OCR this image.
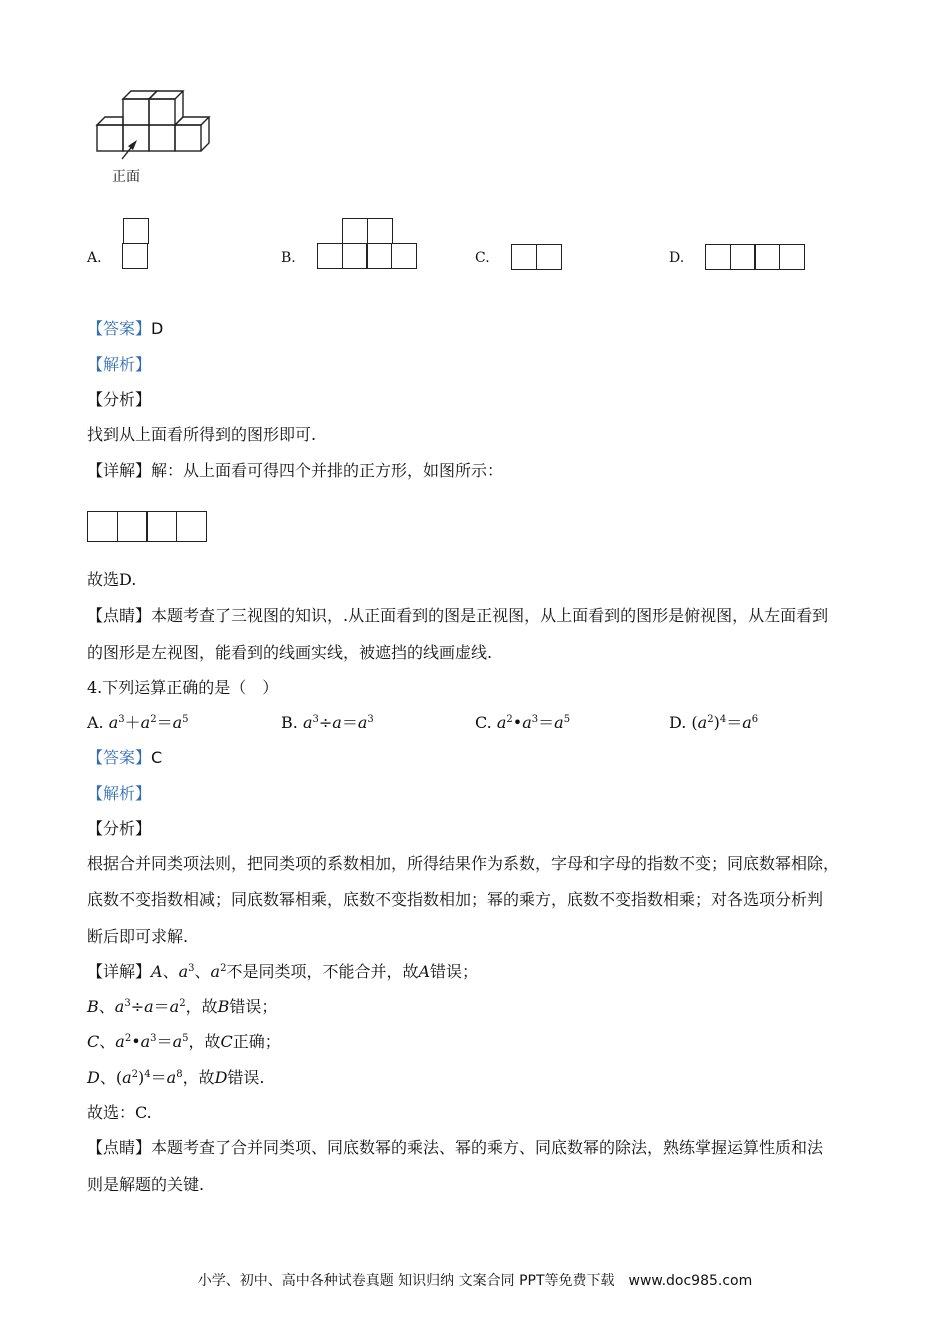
正面
A.	B.	C.	D.
【答案】D
【解析】
【分析】
找到从上面看所得到的图形即可.
【详解】解：从上面看可得四个并排的正方形，如图所示：
故选D.
【点睛】本题考查了三视图的知识，.从正面看到的图是正视图，从上面看到的图形是俯视图，从左面看到
的图形是左视图，能看到的线画实线，被遮挡的线画虚线.
4.下列运算正确的是（　）
A. $a^3+a^2=a^5$	B. $a^3\div a=a^3$	C. $a^2•a^3=a^5$	D. $(a^2)^4=a^6$
【答案】C
【解析】
【分析】
根据合并同类项法则，把同类项的系数相加，所得结果作为系数，字母和字母的指数不变；同底数幂相除，
底数不变指数相减；同底数幂相乘，底数不变指数相加；幂的乘方，底数不变指数相乘；对各选项分析判
断后即可求解.
【详解】A、$a^3$、$a^2$不是同类项，不能合并，故A错误；
B、$a^3\div a=a^2$，故B错误；
C、$a^2•a^3=a^5$，故C正确；
D、$(a^2)^4=a^8$，故D错误.
故选：C.
【点睛】本题考查了合并同类项、同底数幂的乘法、幂的乘方、同底数幂的除法，熟练掌握运算性质和法
则是解题的关键.
小学、初中、高中各种试卷真题 知识归纳 文案合同 PPT等免费下载　www.doc985.com
